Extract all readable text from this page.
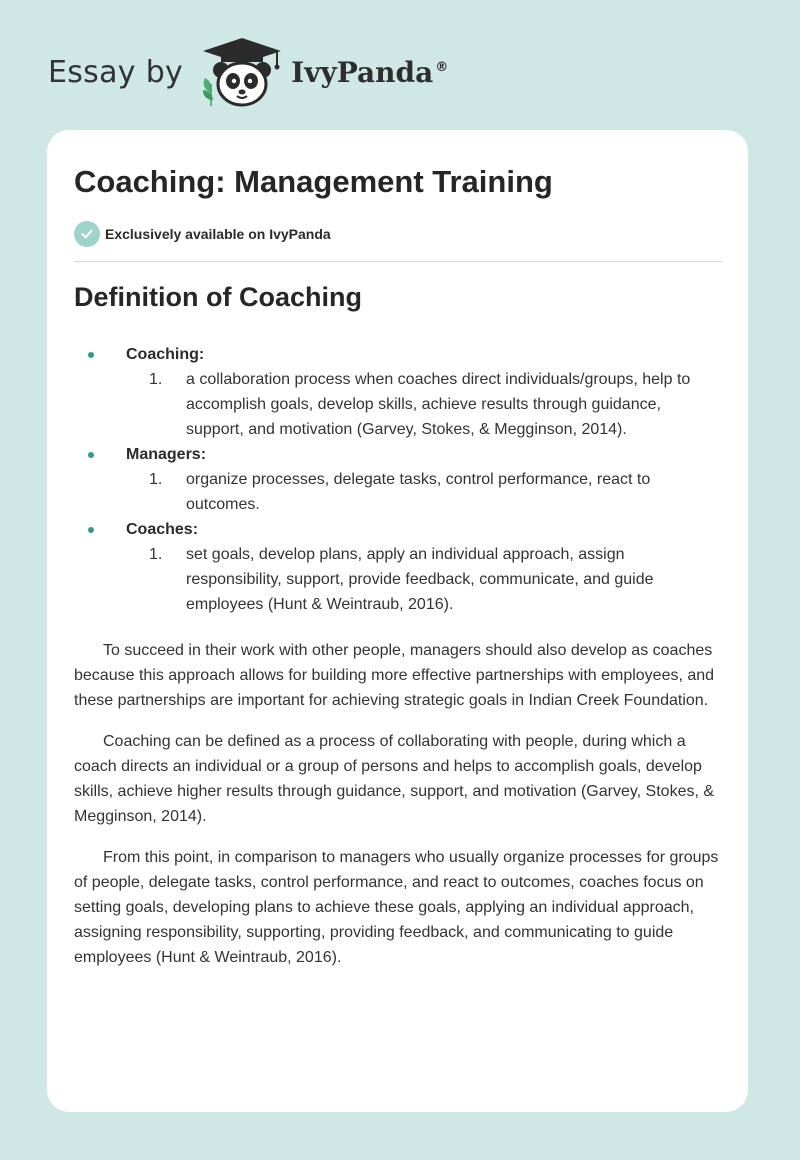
Essay by	IvyPanda ®
Coaching: Management Training
Exclusively available on IvyPanda
Definition of Coaching
Coaching:
1. a collaboration process when coaches direct individuals/groups, help to accomplish goals, develop skills, achieve results through guidance, support, and motivation (Garvey, Stokes, & Megginson, 2014).
Managers:
1. organize processes, delegate tasks, control performance, react to outcomes.
Coaches:
1. set goals, develop plans, apply an individual approach, assign responsibility, support, provide feedback, communicate, and guide employees (Hunt & Weintraub, 2016).

To succeed in their work with other people, managers should also develop as coaches because this approach allows for building more effective partnerships with employees, and these partnerships are important for achieving strategic goals in Indian Creek Foundation.

Coaching can be defined as a process of collaborating with people, during which a coach directs an individual or a group of persons and helps to accomplish goals, develop skills, achieve higher results through guidance, support, and motivation (Garvey, Stokes, & Megginson, 2014).

From this point, in comparison to managers who usually organize processes for groups of people, delegate tasks, control performance, and react to outcomes, coaches focus on setting goals, developing plans to achieve these goals, applying an individual approach, assigning responsibility, supporting, providing feedback, and communicating to guide employees (Hunt & Weintraub, 2016).
